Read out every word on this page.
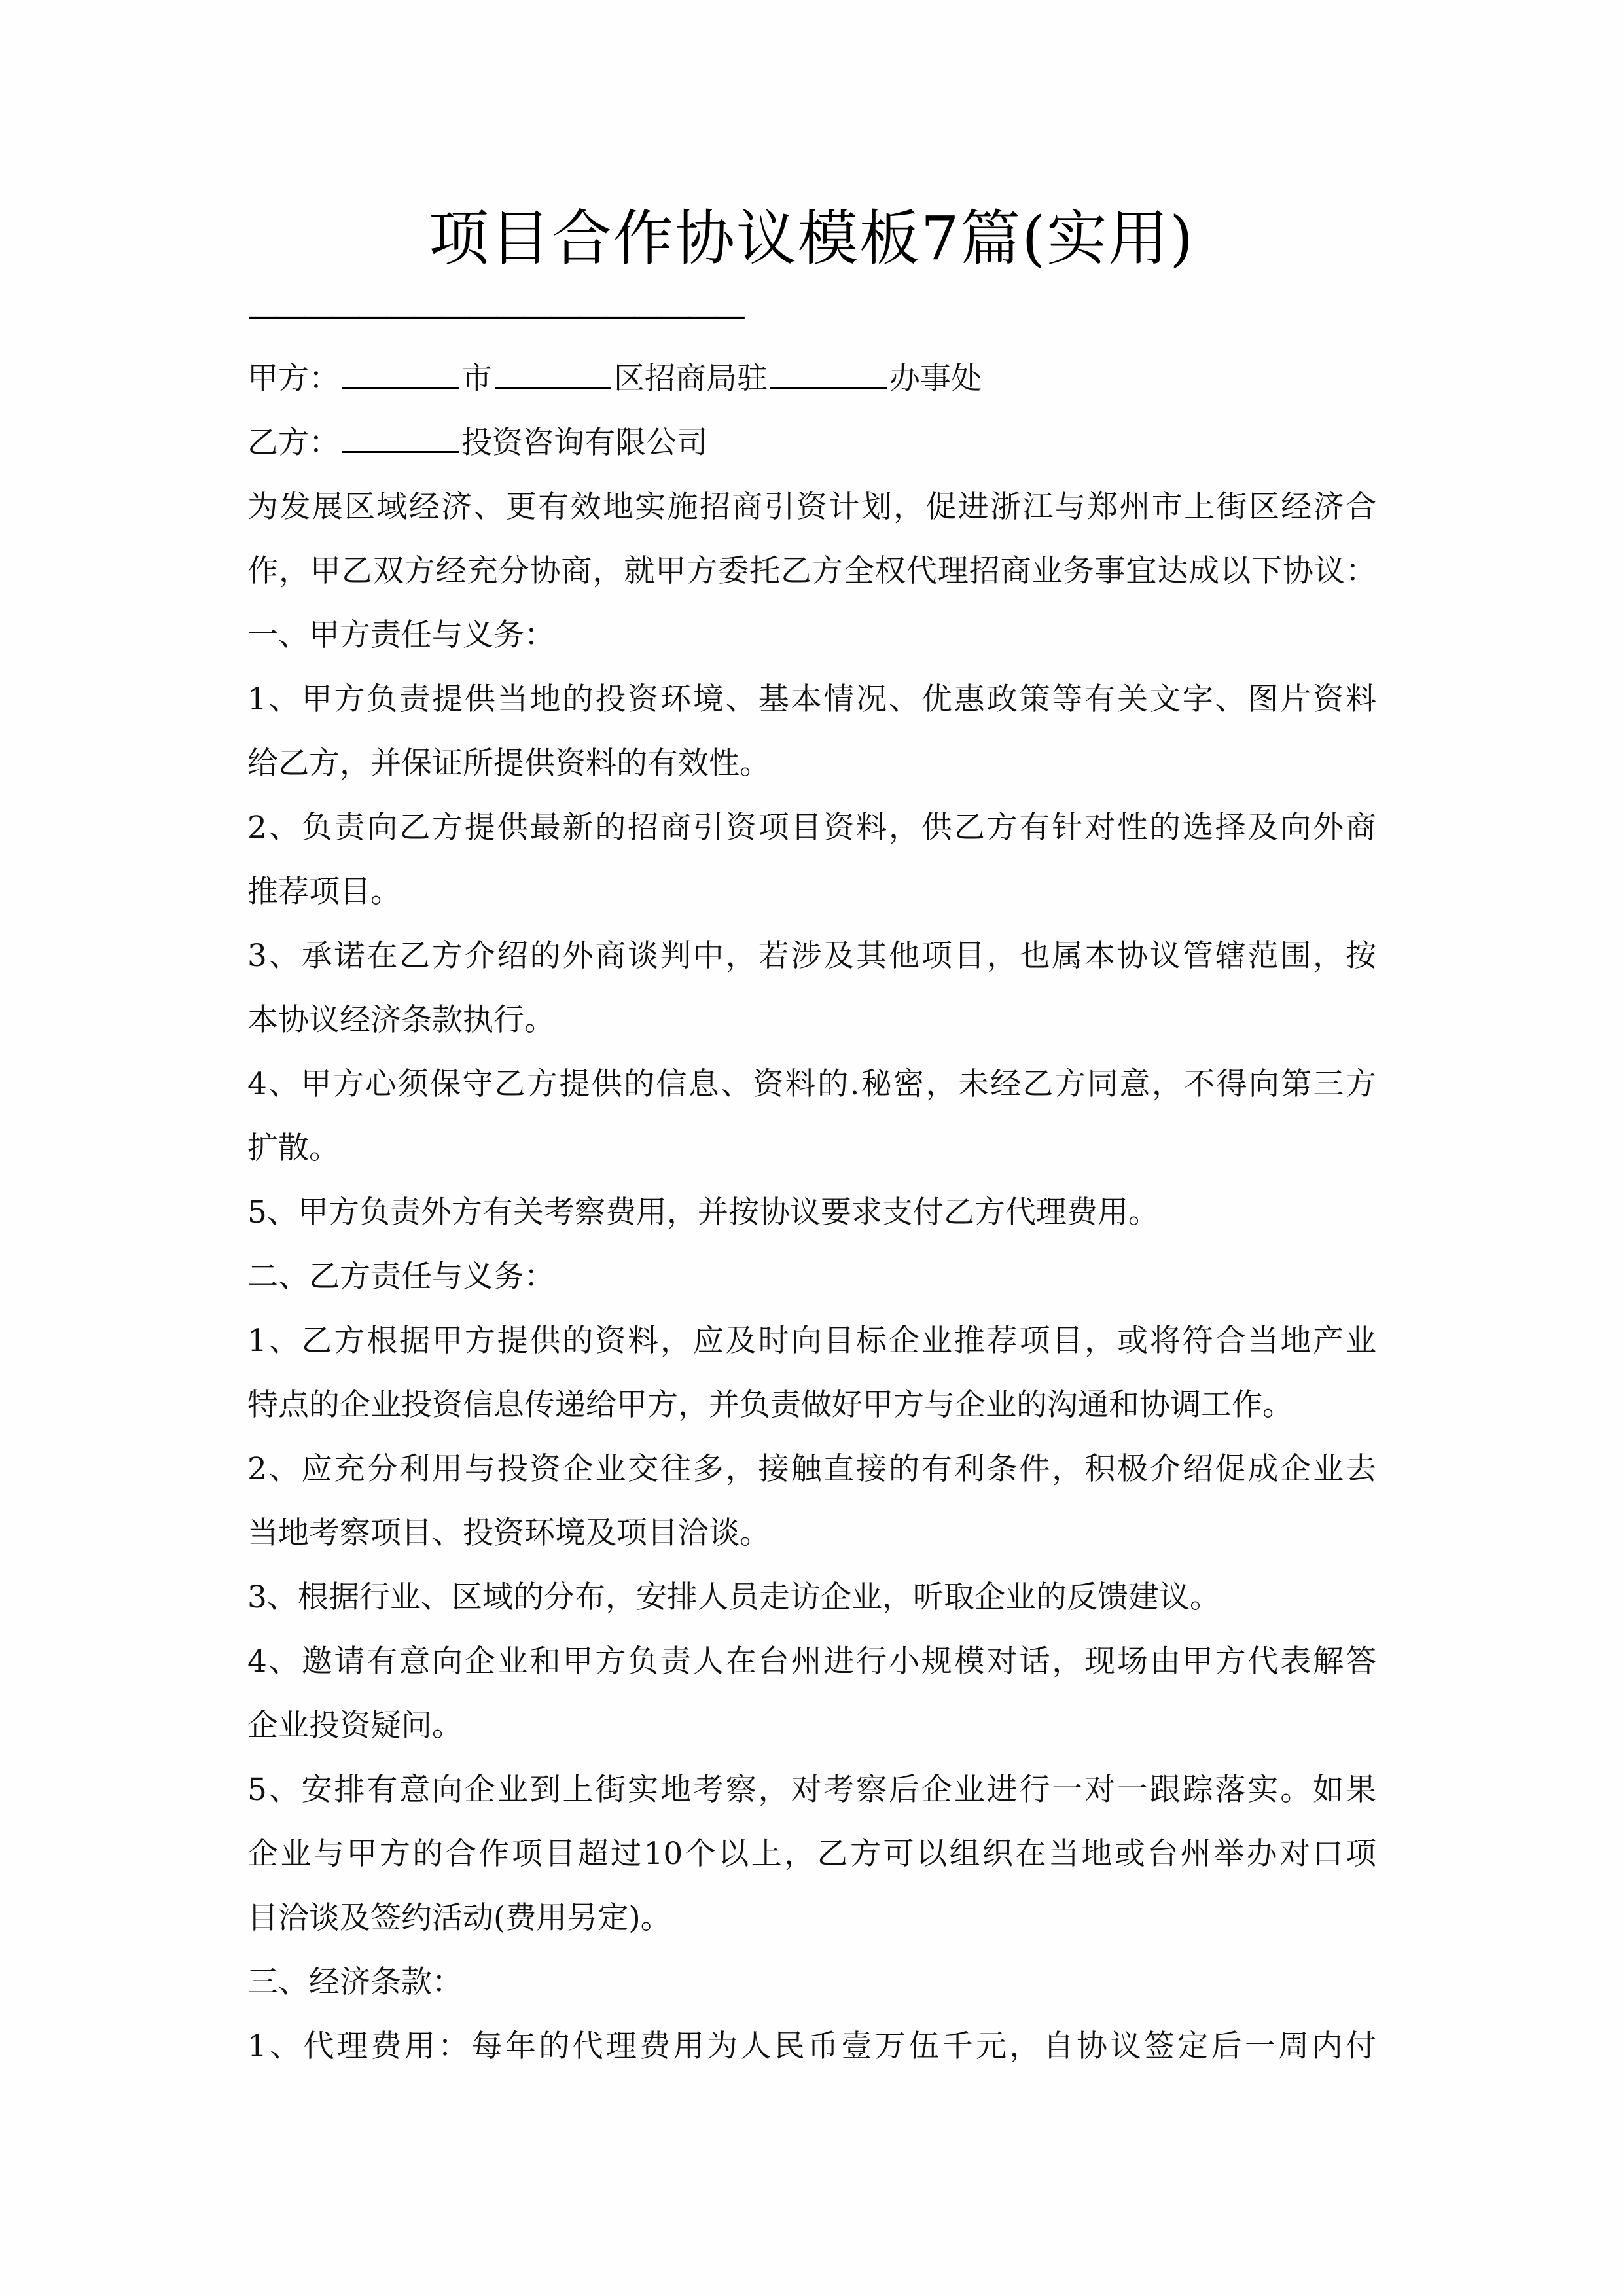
项目合作协议模板7篇(实用)
——————————————————
甲方：	市	区招商局驻	办事处
乙方：	投资咨询有限公司
为发展区域经济、更有效地实施招商引资计划，促进浙江与郑州市上街区经济合
作，甲乙双方经充分协商，就甲方委托乙方全权代理招商业务事宜达成以下协议：
一、甲方责任与义务：
1、甲方负责提供当地的投资环境、基本情况、优惠政策等有关文字、图片资料
给乙方，并保证所提供资料的有效性。
2、负责向乙方提供最新的招商引资项目资料，供乙方有针对性的选择及向外商
推荐项目。
3、承诺在乙方介绍的外商谈判中，若涉及其他项目，也属本协议管辖范围，按
本协议经济条款执行。
4、甲方心须保守乙方提供的信息、资料的.秘密，未经乙方同意，不得向第三方
扩散。
5、甲方负责外方有关考察费用，并按协议要求支付乙方代理费用。
二、乙方责任与义务：
1、乙方根据甲方提供的资料，应及时向目标企业推荐项目，或将符合当地产业
特点的企业投资信息传递给甲方，并负责做好甲方与企业的沟通和协调工作。
2、应充分利用与投资企业交往多，接触直接的有利条件，积极介绍促成企业去
当地考察项目、投资环境及项目洽谈。
3、根据行业、区域的分布，安排人员走访企业，听取企业的反馈建议。
4、邀请有意向企业和甲方负责人在台州进行小规模对话，现场由甲方代表解答
企业投资疑问。
5、安排有意向企业到上街实地考察，对考察后企业进行一对一跟踪落实。如果
企业与甲方的合作项目超过10个以上，乙方可以组织在当地或台州举办对口项
目洽谈及签约活动(费用另定)。
三、经济条款：
1、代理费用：每年的代理费用为人民币壹万伍千元，自协议签定后一周内付
